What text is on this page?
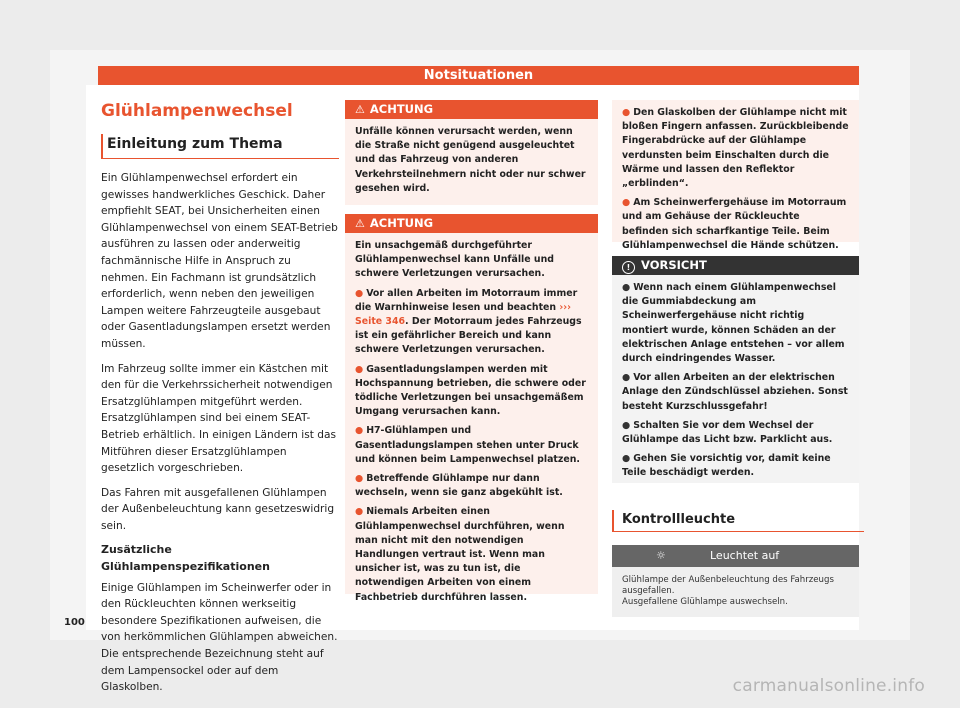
Notsituationen
Glühlampenwechsel
Einleitung zum Thema

Ein Glühlampenwechsel erfordert ein gewisses handwerkliches Geschick. Daher empfiehlt SEAT, bei Unsicherheiten einen Glühlampenwechsel von einem SEAT-Betrieb ausführen zu lassen oder anderweitig fachmännische Hilfe in Anspruch zu nehmen. Ein Fachmann ist grundsätzlich erforderlich, wenn neben den jeweiligen Lampen weitere Fahrzeugteile ausgebaut oder Gasentladungslampen ersetzt werden müssen.

Im Fahrzeug sollte immer ein Kästchen mit den für die Verkehrssicherheit notwendigen Ersatzglühlampen mitgeführt werden. Ersatzglühlampen sind bei einem SEAT-Betrieb erhältlich. In einigen Ländern ist das Mitführen dieser Ersatzglühlampen gesetzlich vorgeschrieben.

Das Fahren mit ausgefallenen Glühlampen der Außenbeleuchtung kann gesetzeswidrig sein.

Zusätzliche Glühlampenspezifikationen

Einige Glühlampen im Scheinwerfer oder in den Rückleuchten können werkseitig besondere Spezifikationen aufweisen, die von herkömmlichen Glühlampen abweichen. Die entsprechende Bezeichnung steht auf dem Lampensockel oder auf dem Glaskolben.

100
⚠ ACHTUNG

Unfälle können verursacht werden, wenn die Straße nicht genügend ausgeleuchtet und das Fahrzeug von anderen Verkehrsteilnehmern nicht oder nur schwer gesehen wird.

⚠ ACHTUNG

Ein unsachgemäß durchgeführter Glühlampenwechsel kann Unfälle und schwere Verletzungen verursachen.

● Vor allen Arbeiten im Motorraum immer die Warnhinweise lesen und beachten ››› Seite 346. Der Motorraum jedes Fahrzeugs ist ein gefährlicher Bereich und kann schwere Verletzungen verursachen.

● Gasentladungslampen werden mit Hochspannung betrieben, die schwere oder tödliche Verletzungen bei unsachgemäßem Umgang verursachen kann.

● H7-Glühlampen und Gasentladungslampen stehen unter Druck und können beim Lampenwechsel platzen.

● Betreffende Glühlampe nur dann wechseln, wenn sie ganz abgekühlt ist.

● Niemals Arbeiten einen Glühlampenwechsel durchführen, wenn man nicht mit den notwendigen Handlungen vertraut ist. Wenn man unsicher ist, was zu tun ist, die notwendigen Arbeiten von einem Fachbetrieb durchführen lassen.

● Den Glaskolben der Glühlampe nicht mit bloßen Fingern anfassen. Zurückbleibende Fingerabdrücke auf der Glühlampe verdunsten beim Einschalten durch die Wärme und lassen den Reflektor „erblinden“.

● Am Scheinwerfergehäuse im Motorraum und am Gehäuse der Rückleuchte befinden sich scharfkantige Teile. Beim Glühlampenwechsel die Hände schützen.

! VORSICHT

● Wenn nach einem Glühlampenwechsel die Gummiabdeckung am Scheinwerfergehäuse nicht richtig montiert wurde, können Schäden an der elektrischen Anlage entstehen – vor allem durch eindringendes Wasser.

● Vor allen Arbeiten an der elektrischen Anlage den Zündschlüssel abziehen. Sonst besteht Kurzschlussgefahr!

● Schalten Sie vor dem Wechsel der Glühlampe das Licht bzw. Parklicht aus.

● Gehen Sie vorsichtig vor, damit keine Teile beschädigt werden.

Kontrollleuchte
☼	Leuchtet auf
Glühlampe der Außenbeleuchtung des Fahrzeugs
ausgefallen.
Ausgefallene Glühlampe auswechseln.
carmanualsonline.info
